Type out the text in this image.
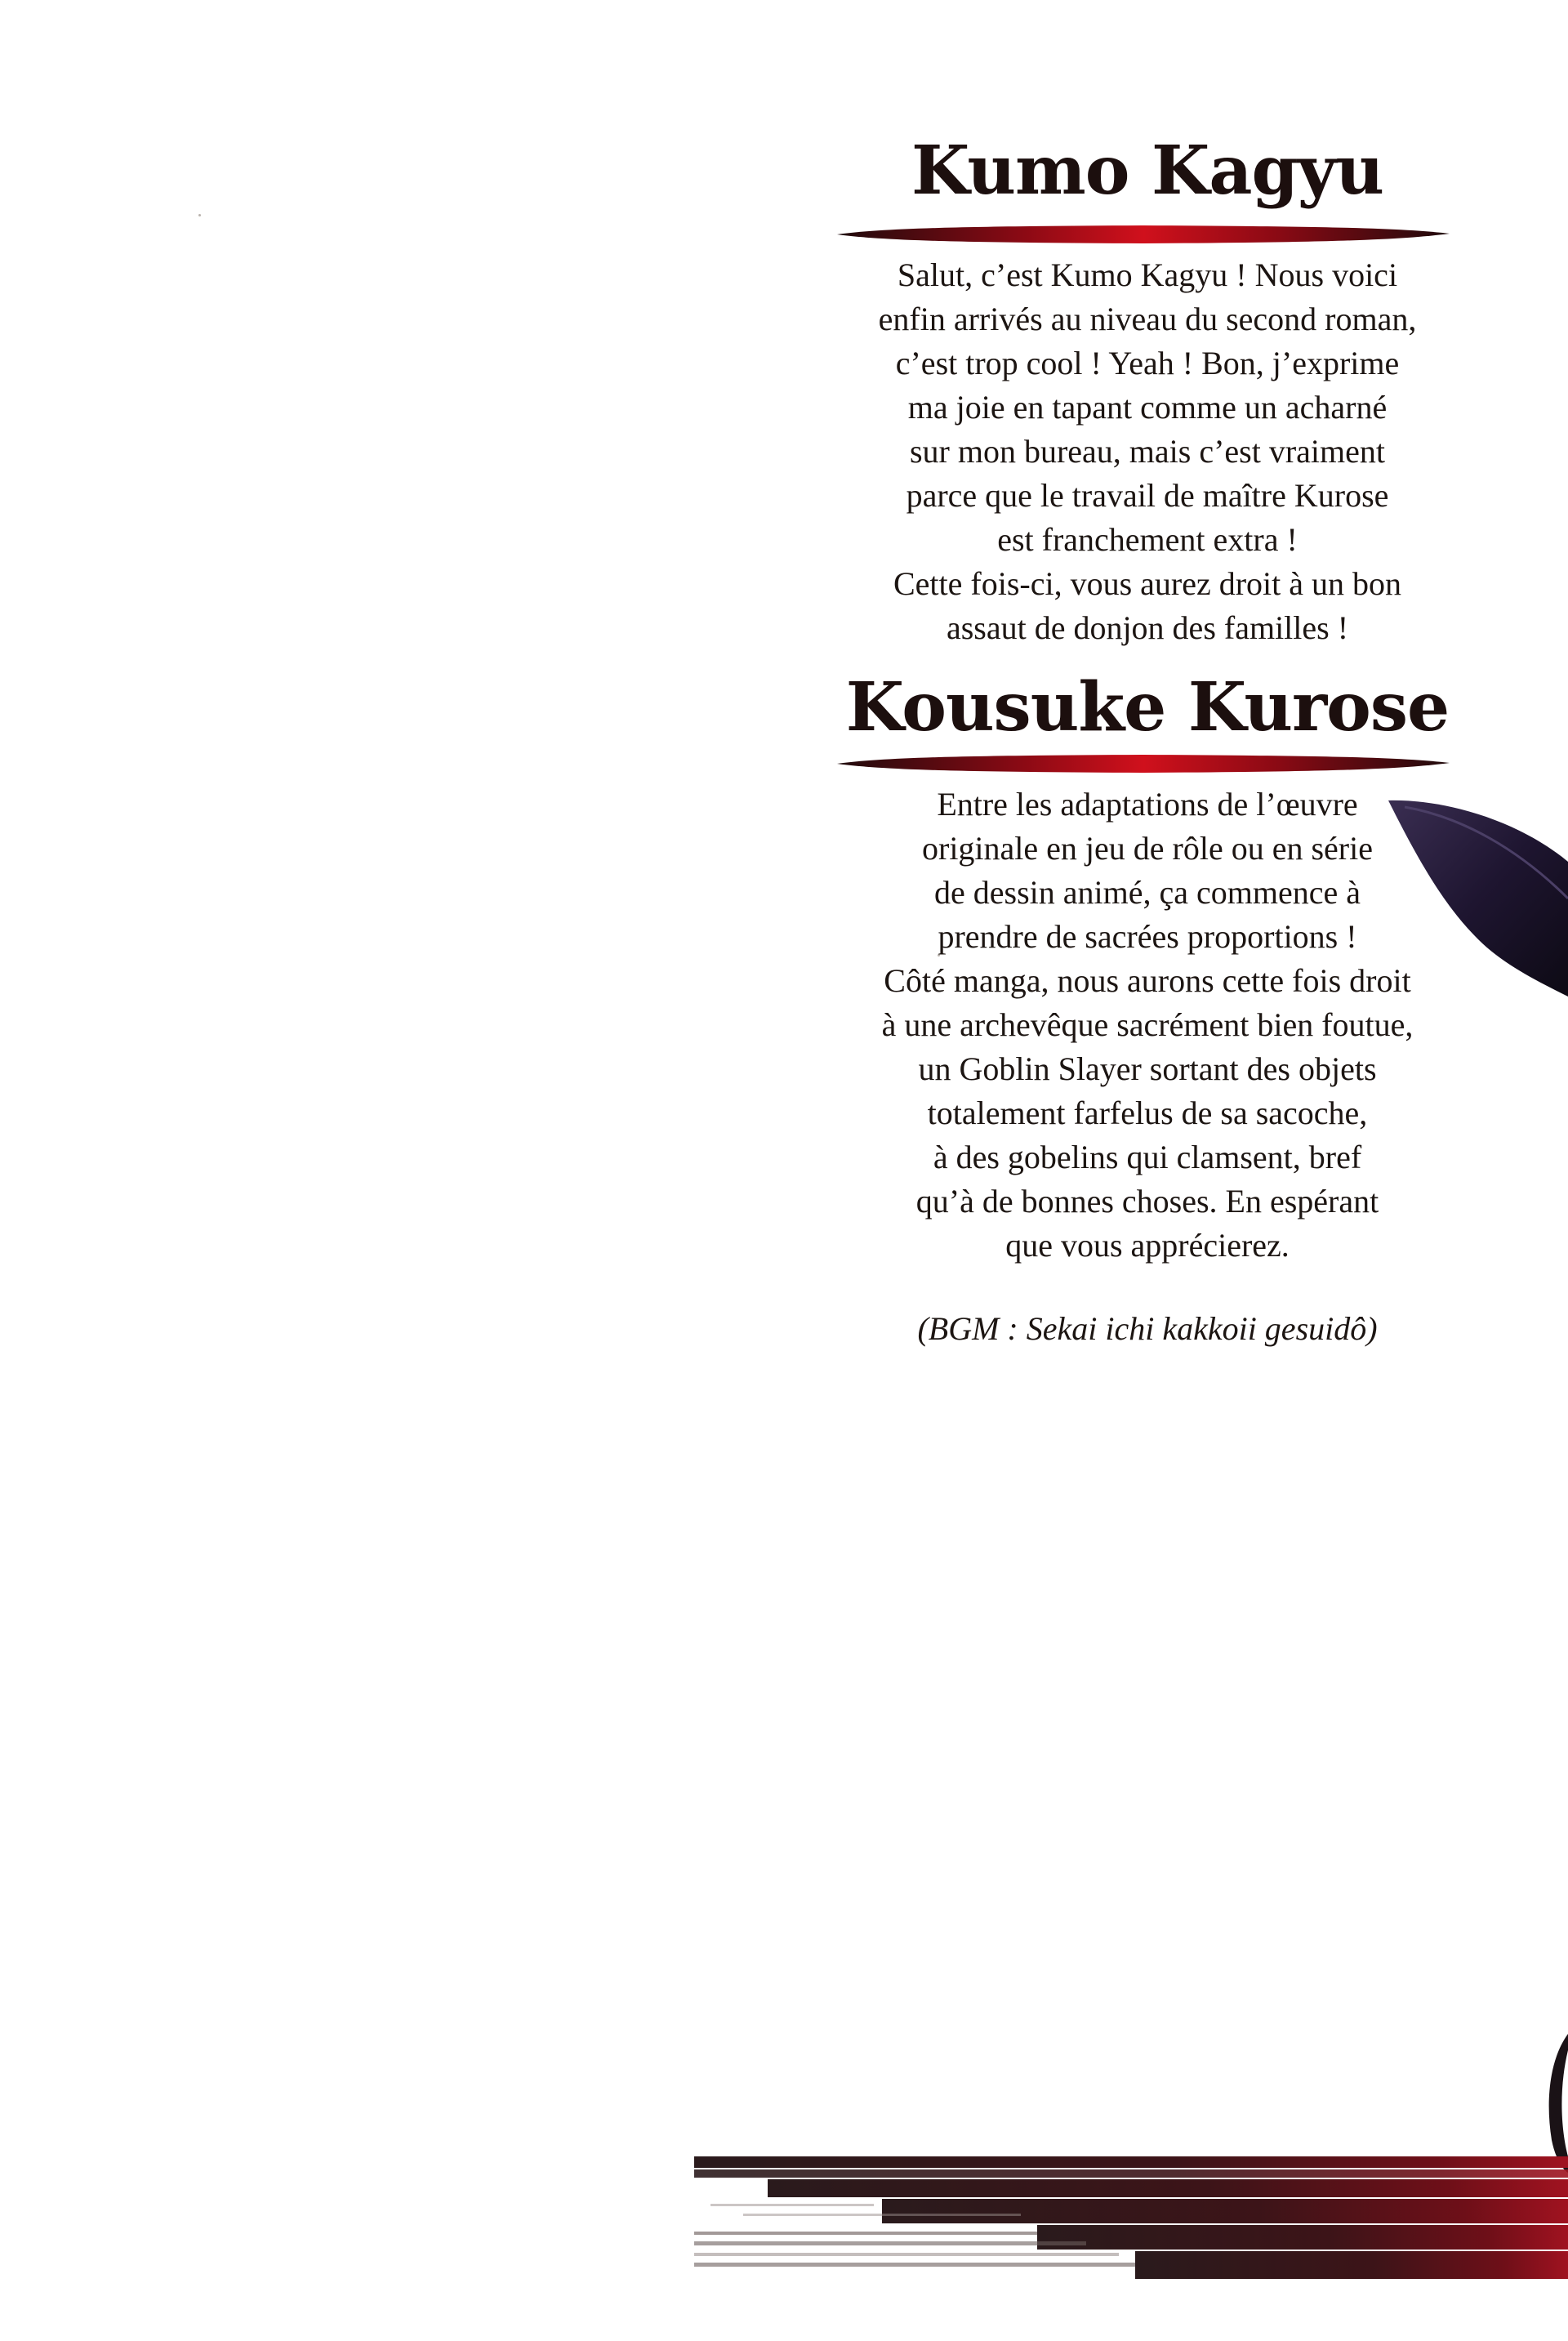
Kumo Kagyu

Salut, c’est Kumo Kagyu ! Nous voici
enfin arrivés au niveau du second roman,
c’est trop cool ! Yeah ! Bon, j’exprime
ma joie en tapant comme un acharné
sur mon bureau, mais c’est vraiment
parce que le travail de maître Kurose
est franchement extra !
Cette fois-ci, vous aurez droit à un bon
assaut de donjon des familles !

Kousuke Kurose

Entre les adaptations de l’œuvre
originale en jeu de rôle ou en série
de dessin animé, ça commence à
prendre de sacrées proportions !
Côté manga, nous aurons cette fois droit
à une archevêque sacrément bien foutue,
un Goblin Slayer sortant des objets
totalement farfelus de sa sacoche,
à des gobelins qui clamsent, bref
qu’à de bonnes choses. En espérant
que vous apprécierez.

(BGM : Sekai ichi kakkoii gesuidô)
